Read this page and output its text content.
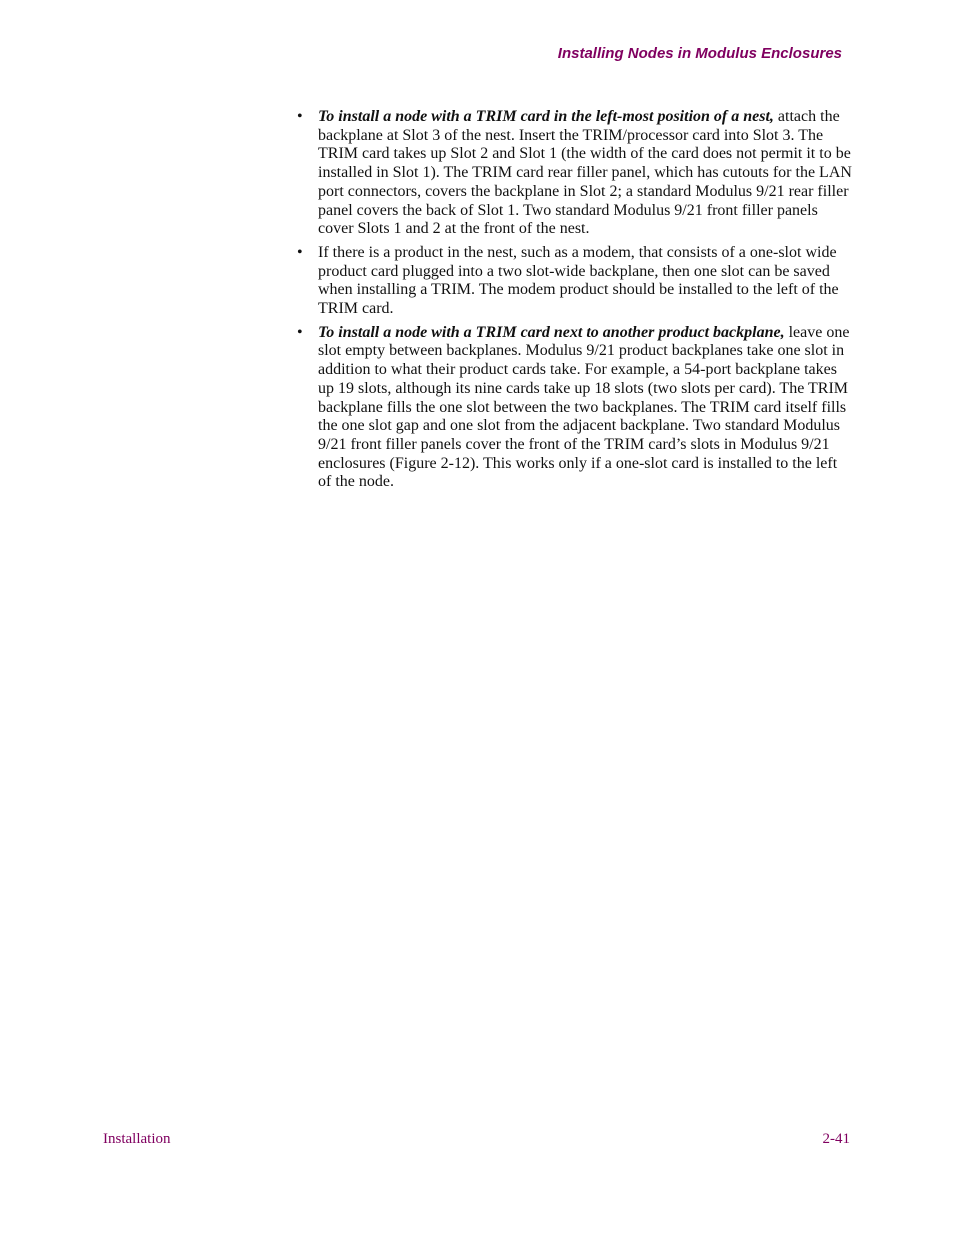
Installing Nodes in Modulus Enclosures
• To install a node with a TRIM card in the left-most position of a nest, attach the backplane at Slot 3 of the nest. Insert the TRIM/processor card into Slot 3. The TRIM card takes up Slot 2 and Slot 1 (the width of the card does not permit it to be installed in Slot 1). The TRIM card rear filler panel, which has cutouts for the LAN port connectors, covers the backplane in Slot 2; a standard Modulus 9/21 rear filler panel covers the back of Slot 1. Two standard Modulus 9/21 front filler panels cover Slots 1 and 2 at the front of the nest.
• If there is a product in the nest, such as a modem, that consists of a one-slot wide product card plugged into a two slot-wide backplane, then one slot can be saved when installing a TRIM. The modem product should be installed to the left of the TRIM card.
• To install a node with a TRIM card next to another product backplane, leave one slot empty between backplanes. Modulus 9/21 product backplanes take one slot in addition to what their product cards take. For example, a 54-port backplane takes up 19 slots, although its nine cards take up 18 slots (two slots per card). The TRIM backplane fills the one slot between the two backplanes. The TRIM card itself fills the one slot gap and one slot from the adjacent backplane. Two standard Modulus 9/21 front filler panels cover the front of the TRIM card’s slots in Modulus 9/21 enclosures (Figure 2-12). This works only if a one-slot card is installed to the left of the node.
Installation	2-41
